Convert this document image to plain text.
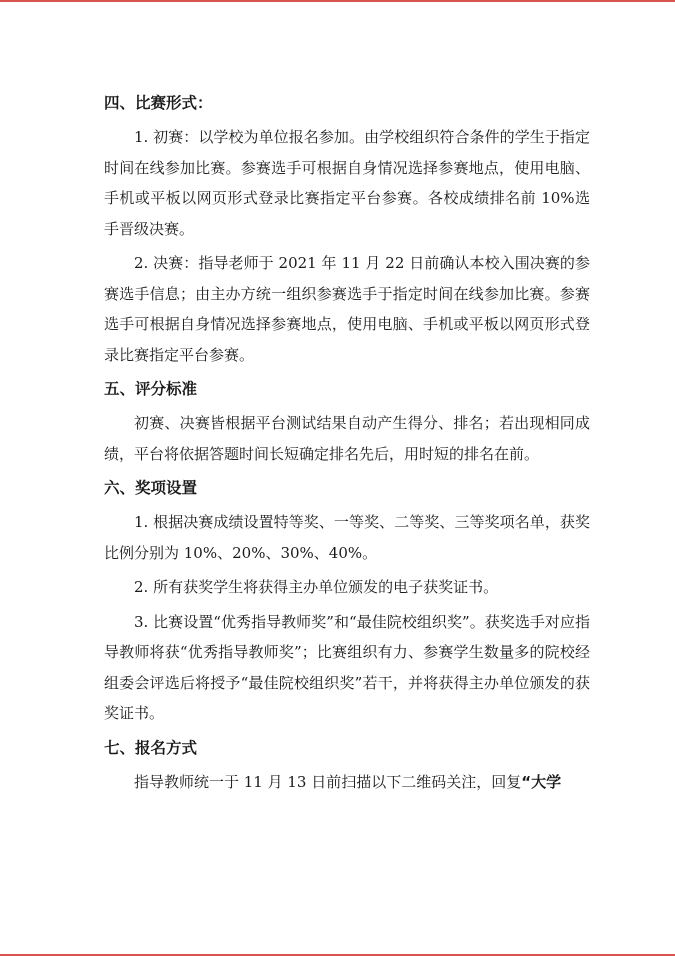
四、比赛形式：

1. 初赛：以学校为单位报名参加。由学校组织符合条件的学生于指定时间在线参加比赛。参赛选手可根据自身情况选择参赛地点，使用电脑、手机或平板以网页形式登录比赛指定平台参赛。各校成绩排名前 10%选手晋级决赛。

2. 决赛：指导老师于 2021 年 11 月 22 日前确认本校入围决赛的参赛选手信息；由主办方统一组织参赛选手于指定时间在线参加比赛。参赛选手可根据自身情况选择参赛地点，使用电脑、手机或平板以网页形式登录比赛指定平台参赛。

五、评分标准

初赛、决赛皆根据平台测试结果自动产生得分、排名；若出现相同成绩，平台将依据答题时间长短确定排名先后，用时短的排名在前。

六、奖项设置

1. 根据决赛成绩设置特等奖、一等奖、二等奖、三等奖项名单，获奖比例分别为 10%、20%、30%、40%。

2. 所有获奖学生将获得主办单位颁发的电子获奖证书。

3. 比赛设置“优秀指导教师奖”和“最佳院校组织奖”。获奖选手对应指导教师将获“优秀指导教师奖”；比赛组织有力、参赛学生数量多的院校经组委会评选后将授予“最佳院校组织奖”若干，并将获得主办单位颁发的获奖证书。

七、报名方式

指导教师统一于 11 月 13 日前扫描以下二维码关注，回复“大学
